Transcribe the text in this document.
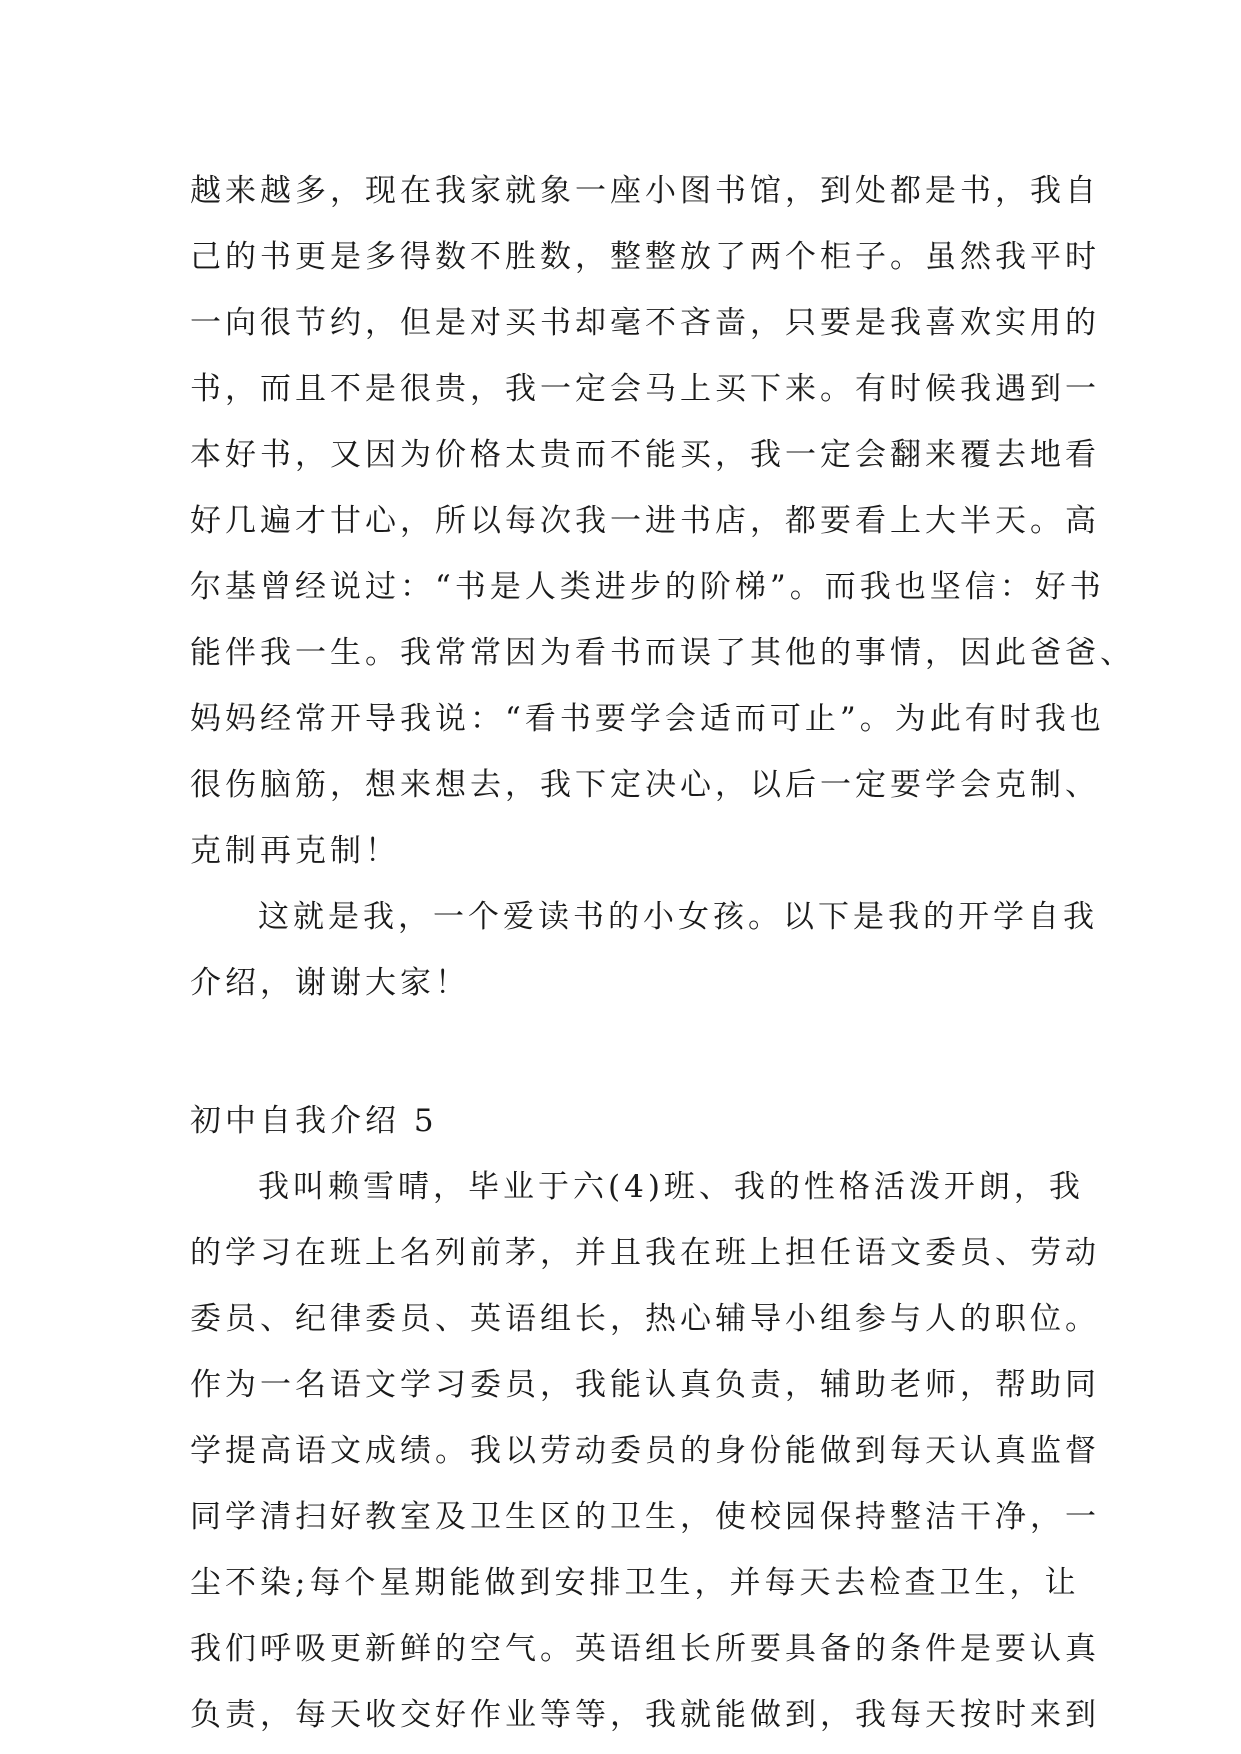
越来越多，现在我家就象一座小图书馆，到处都是书，我自
己的书更是多得数不胜数，整整放了两个柜子。虽然我平时
一向很节约，但是对买书却毫不吝啬，只要是我喜欢实用的
书，而且不是很贵，我一定会马上买下来。有时候我遇到一
本好书，又因为价格太贵而不能买，我一定会翻来覆去地看
好几遍才甘心，所以每次我一进书店，都要看上大半天。高
尔基曾经说过：“书是人类进步的阶梯”。而我也坚信：好书
能伴我一生。我常常因为看书而误了其他的事情，因此爸爸、
妈妈经常开导我说：“看书要学会适而可止”。为此有时我也
很伤脑筋，想来想去，我下定决心，以后一定要学会克制、
克制再克制！
这就是我，一个爱读书的小女孩。以下是我的开学自我
介绍，谢谢大家！
初中自我介绍 5
我叫赖雪晴，毕业于六(4)班、我的性格活泼开朗，我
的学习在班上名列前茅，并且我在班上担任语文委员、劳动
委员、纪律委员、英语组长，热心辅导小组参与人的职位。
作为一名语文学习委员，我能认真负责，辅助老师，帮助同
学提高语文成绩。我以劳动委员的身份能做到每天认真监督
同学清扫好教室及卫生区的卫生，使校园保持整洁干净，一
尘不染;每个星期能做到安排卫生，并每天去检查卫生，让
我们呼吸更新鲜的空气。英语组长所要具备的条件是要认真
负责，每天收交好作业等等，我就能做到，我每天按时来到
